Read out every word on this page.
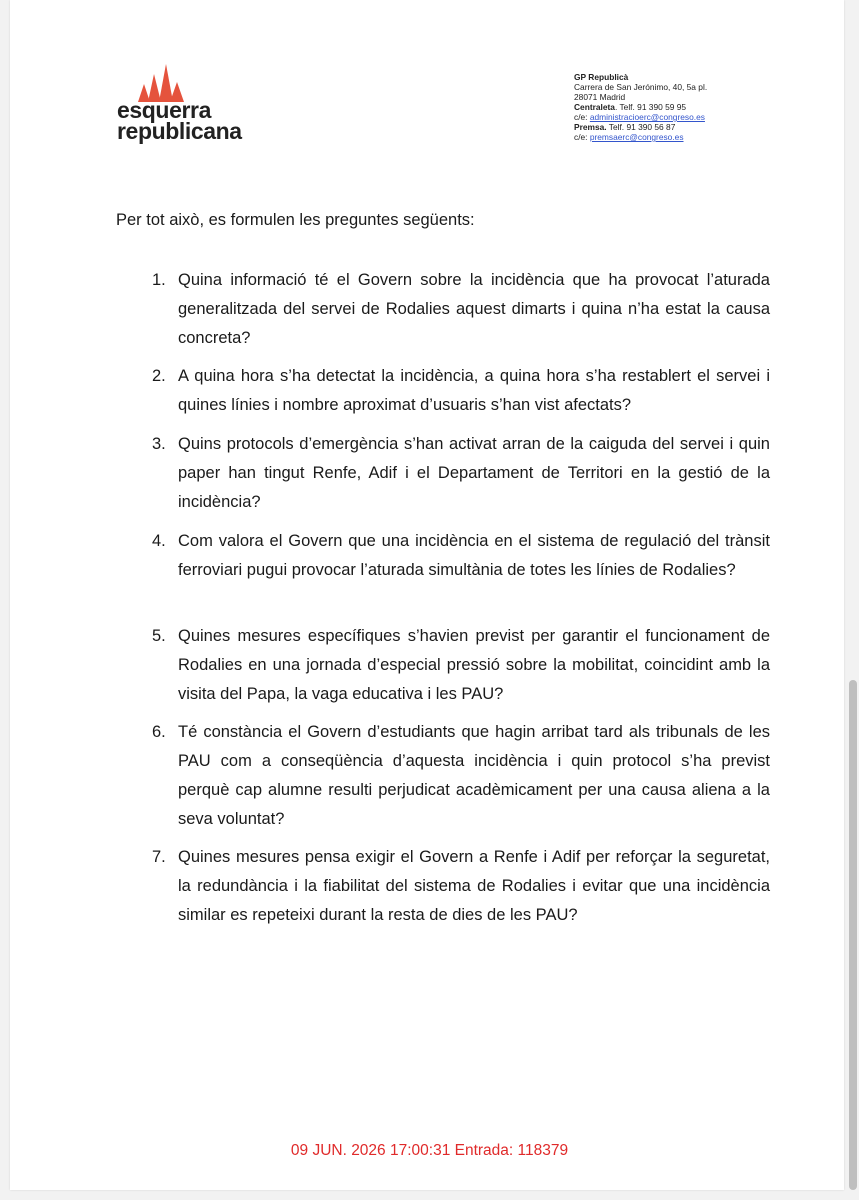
esquerra
republicana
GP Republicà
Carrera de San Jerónimo, 40, 5a pl.
28071 Madrid
Centraleta. Telf. 91 390 59 95
c/e: administracioerc@congreso.es
Premsa. Telf. 91 390 56 87
c/e: premsaerc@congreso.es
Per tot això, es formulen les preguntes següents:
1. Quina informació té el Govern sobre la incidència que ha provocat l’aturada generalitzada del servei de Rodalies aquest dimarts i quina n’ha estat la causa concreta?
2. A quina hora s’ha detectat la incidència, a quina hora s’ha restablert el servei i quines línies i nombre aproximat d’usuaris s’han vist afectats?
3. Quins protocols d’emergència s’han activat arran de la caiguda del servei i quin paper han tingut Renfe, Adif i el Departament de Territori en la gestió de la incidència?
4. Com valora el Govern que una incidència en el sistema de regulació del trànsit ferroviari pugui provocar l’aturada simultània de totes les línies de Rodalies?
5. Quines mesures específiques s’havien previst per garantir el funcionament de Rodalies en una jornada d’especial pressió sobre la mobilitat, coincidint amb la visita del Papa, la vaga educativa i les PAU?
6. Té constància el Govern d’estudiants que hagin arribat tard als tribunals de les PAU com a conseqüència d’aquesta incidència i quin protocol s’ha previst perquè cap alumne resulti perjudicat acadèmicament per una causa aliena a la seva voluntat?
7. Quines mesures pensa exigir el Govern a Renfe i Adif per reforçar la seguretat, la redundància i la fiabilitat del sistema de Rodalies i evitar que una incidència similar es repeteixi durant la resta de dies de les PAU?
09 JUN. 2026 17:00:31 Entrada: 118379
